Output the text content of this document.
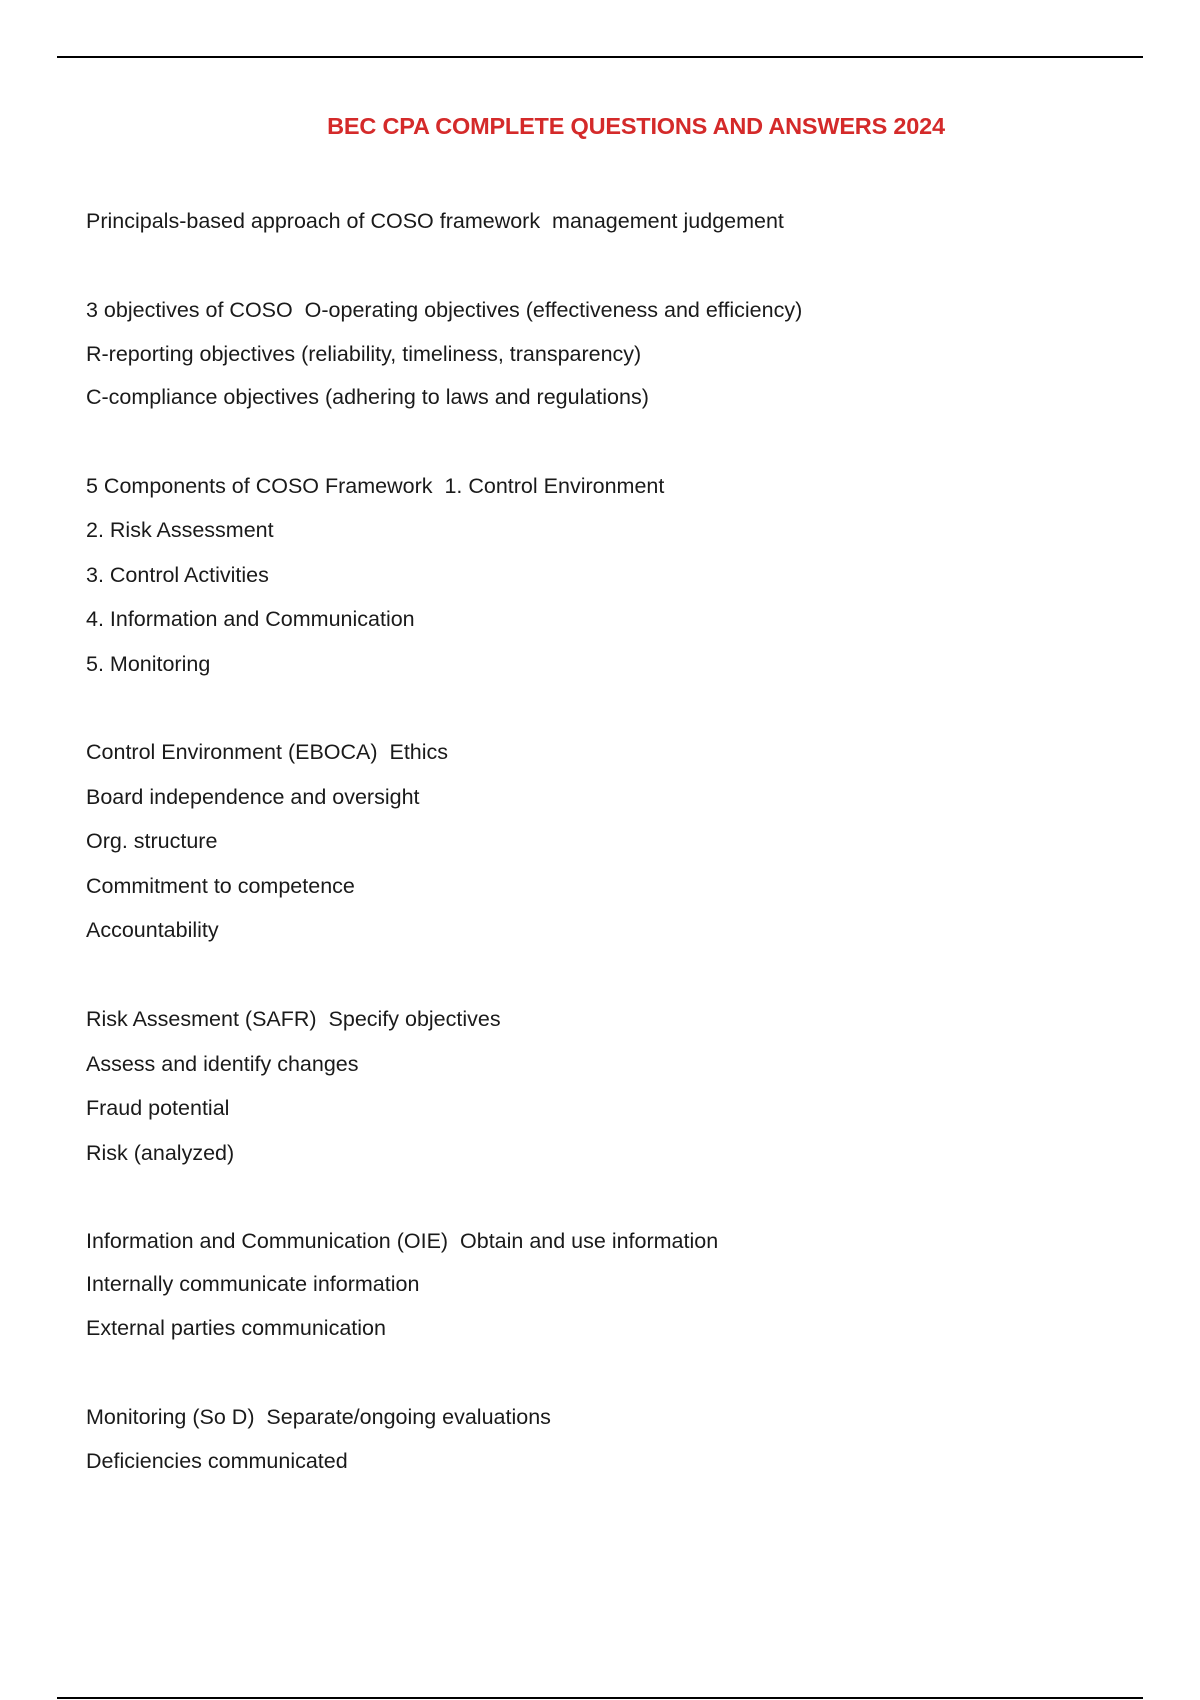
BEC CPA COMPLETE QUESTIONS AND ANSWERS 2024
Principals-based approach of COSO framework  management judgement
3 objectives of COSO  O-operating objectives (effectiveness and efficiency)
R-reporting objectives (reliability, timeliness, transparency)
C-compliance objectives (adhering to laws and regulations)
5 Components of COSO Framework  1. Control Environment
2. Risk Assessment
3. Control Activities
4. Information and Communication
5. Monitoring
Control Environment (EBOCA)  Ethics
Board independence and oversight
Org. structure
Commitment to competence
Accountability
Risk Assesment (SAFR)  Specify objectives
Assess and identify changes
Fraud potential
Risk (analyzed)
Information and Communication (OIE)  Obtain and use information
Internally communicate information
External parties communication
Monitoring (So D)  Separate/ongoing evaluations
Deficiencies communicated
